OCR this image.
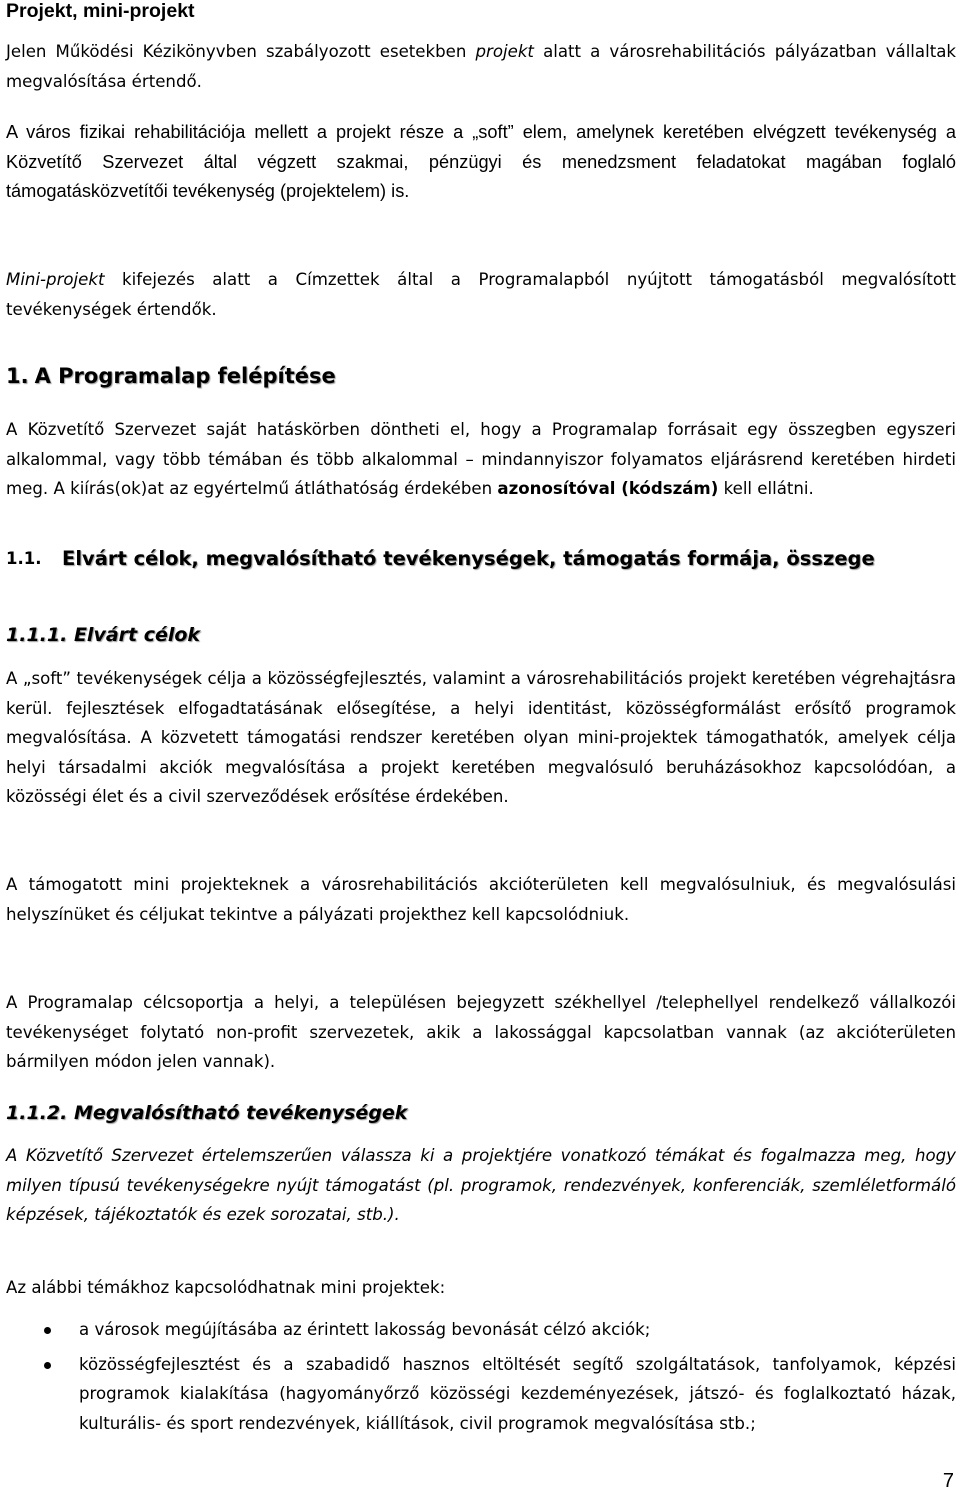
Projekt, mini-projekt

Jelen Működési Kézikönyvben szabályozott esetekben projekt alatt a városrehabilitációs pályázatban vállaltak megvalósítása értendő.

A város fizikai rehabilitációja mellett a projekt része a „soft” elem, amelynek keretében elvégzett tevékenység a Közvetítő Szervezet által végzett szakmai, pénzügyi és menedzsment feladatokat magában foglaló támogatásközvetítői tevékenység (projektelem) is.

Mini-projekt kifejezés alatt a Címzettek által a Programalapból nyújtott támogatásból megvalósított tevékenységek értendők.

1. A Programalap felépítése

A Közvetítő Szervezet saját hatáskörben döntheti el, hogy a Programalap forrásait egy összegben egyszeri alkalommal, vagy több témában és több alkalommal – mindannyiszor folyamatos eljárásrend keretében hirdeti meg. A kiírás(ok)at az egyértelmű átláthatóság érdekében azonosítóval (kódszám) kell ellátni.

1.1. Elvárt célok, megvalósítható tevékenységek, támogatás formája, összege
1.1.1. Elvárt célok

A „soft” tevékenységek célja a közösségfejlesztés, valamint a városrehabilitációs projekt keretében végrehajtásra kerül. fejlesztések elfogadtatásának elősegítése, a helyi identitást, közösségformálást erősítő programok megvalósítása. A közvetett támogatási rendszer keretében olyan mini-projektek támogathatók, amelyek célja helyi társadalmi akciók megvalósítása a projekt keretében megvalósuló beruházásokhoz kapcsolódóan, a közösségi élet és a civil szerveződések erősítése érdekében.

A támogatott mini projekteknek a városrehabilitációs akcióterületen kell megvalósulniuk, és megvalósulási helyszínüket és céljukat tekintve a pályázati projekthez kell kapcsolódniuk.

A Programalap célcsoportja a helyi, a településen bejegyzett székhellyel /telephellyel rendelkező vállalkozói tevékenységet folytató non-profit szervezetek, akik a lakossággal kapcsolatban vannak (az akcióterületen bármilyen módon jelen vannak).

1.1.2. Megvalósítható tevékenységek

A Közvetítő Szervezet értelemszerűen válassza ki a projektjére vonatkozó témákat és fogalmazza meg, hogy milyen típusú tevékenységekre nyújt támogatást (pl. programok, rendezvények, konferenciák, szemléletformáló képzések, tájékoztatók és ezek sorozatai, stb.).

Az alábbi témákhoz kapcsolódhatnak mini projektek:

a városok megújításába az érintett lakosság bevonását célzó akciók;
közösségfejlesztést és a szabadidő hasznos eltöltését segítő szolgáltatások, tanfolyamok, képzési programok kialakítása (hagyományőrző közösségi kezdeményezések, játszó- és foglalkoztató házak, kulturális- és sport rendezvények, kiállítások, civil programok megvalósítása stb.;
7
